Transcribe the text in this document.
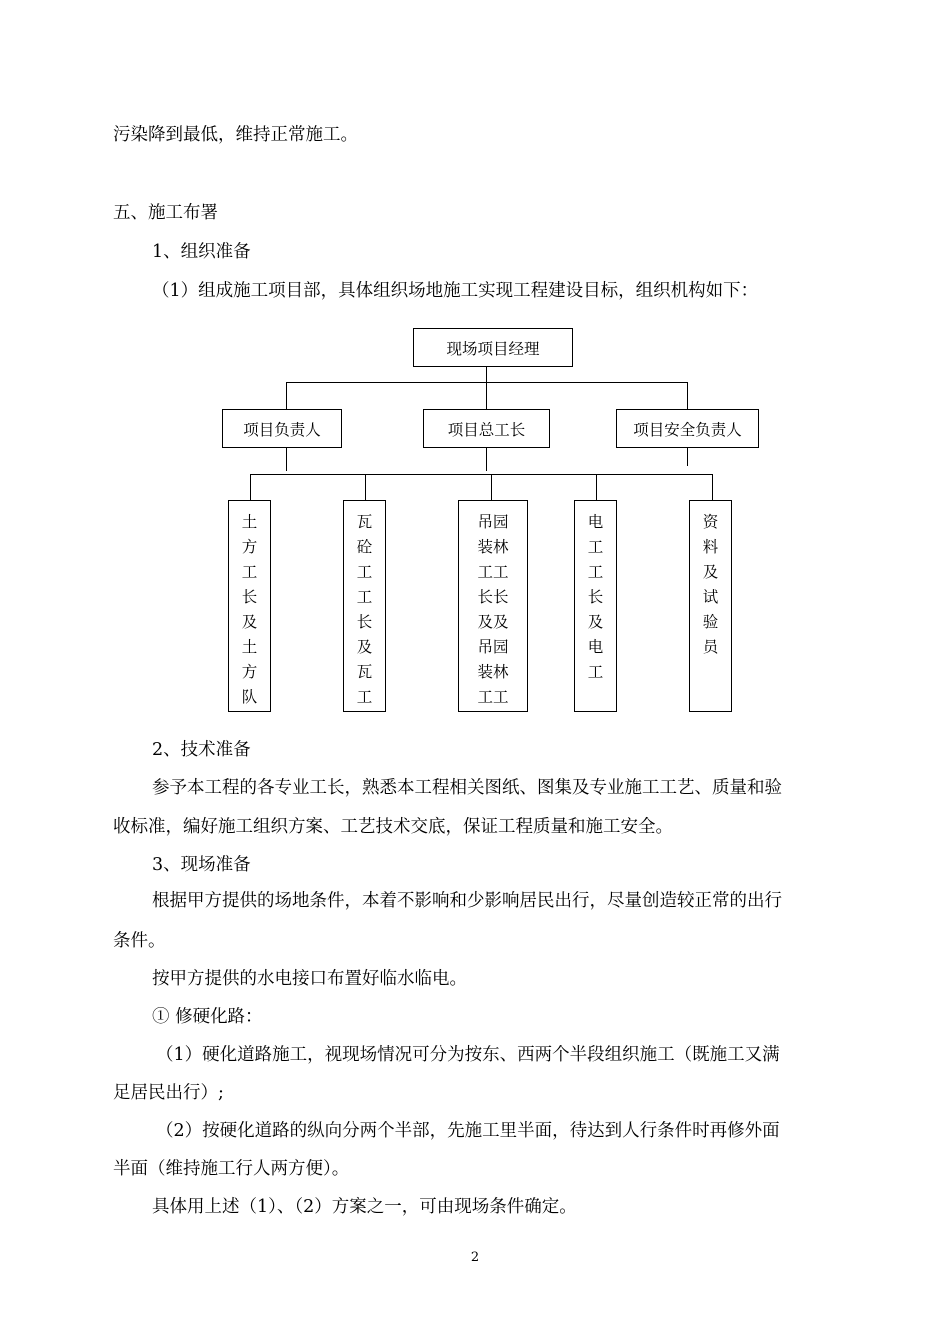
污染降到最低，维持正常施工。
五、施工布署
1、组织准备
（1）组成施工项目部，具体组织场地施工实现工程建设目标，组织机构如下：
现场项目经理
项目负责人	项目总工长	项目安全负责人
土
方
工
长
及
土
方
队
瓦
砼
工
工
长
及
瓦
工
吊园
装林
工工
长长
及及
吊园
装林
工工
电
工
工
长
及
电
工
资
料
及
试
验
员
2、技术准备
参予本工程的各专业工长，熟悉本工程相关图纸、图集及专业施工工艺、质量和验
收标准，编好施工组织方案、工艺技术交底，保证工程质量和施工安全。
3、现场准备
根据甲方提供的场地条件，本着不影响和少影响居民出行，尽量创造较正常的出行
条件。
按甲方提供的水电接口布置好临水临电。
① 修硬化路：
（1）硬化道路施工，视现场情况可分为按东、西两个半段组织施工（既施工又满
足居民出行）;
（2）按硬化道路的纵向分两个半部，先施工里半面，待达到人行条件时再修外面
半面（维持施工行人两方便）。
具体用上述（1）、（2）方案之一，可由现场条件确定。
2
